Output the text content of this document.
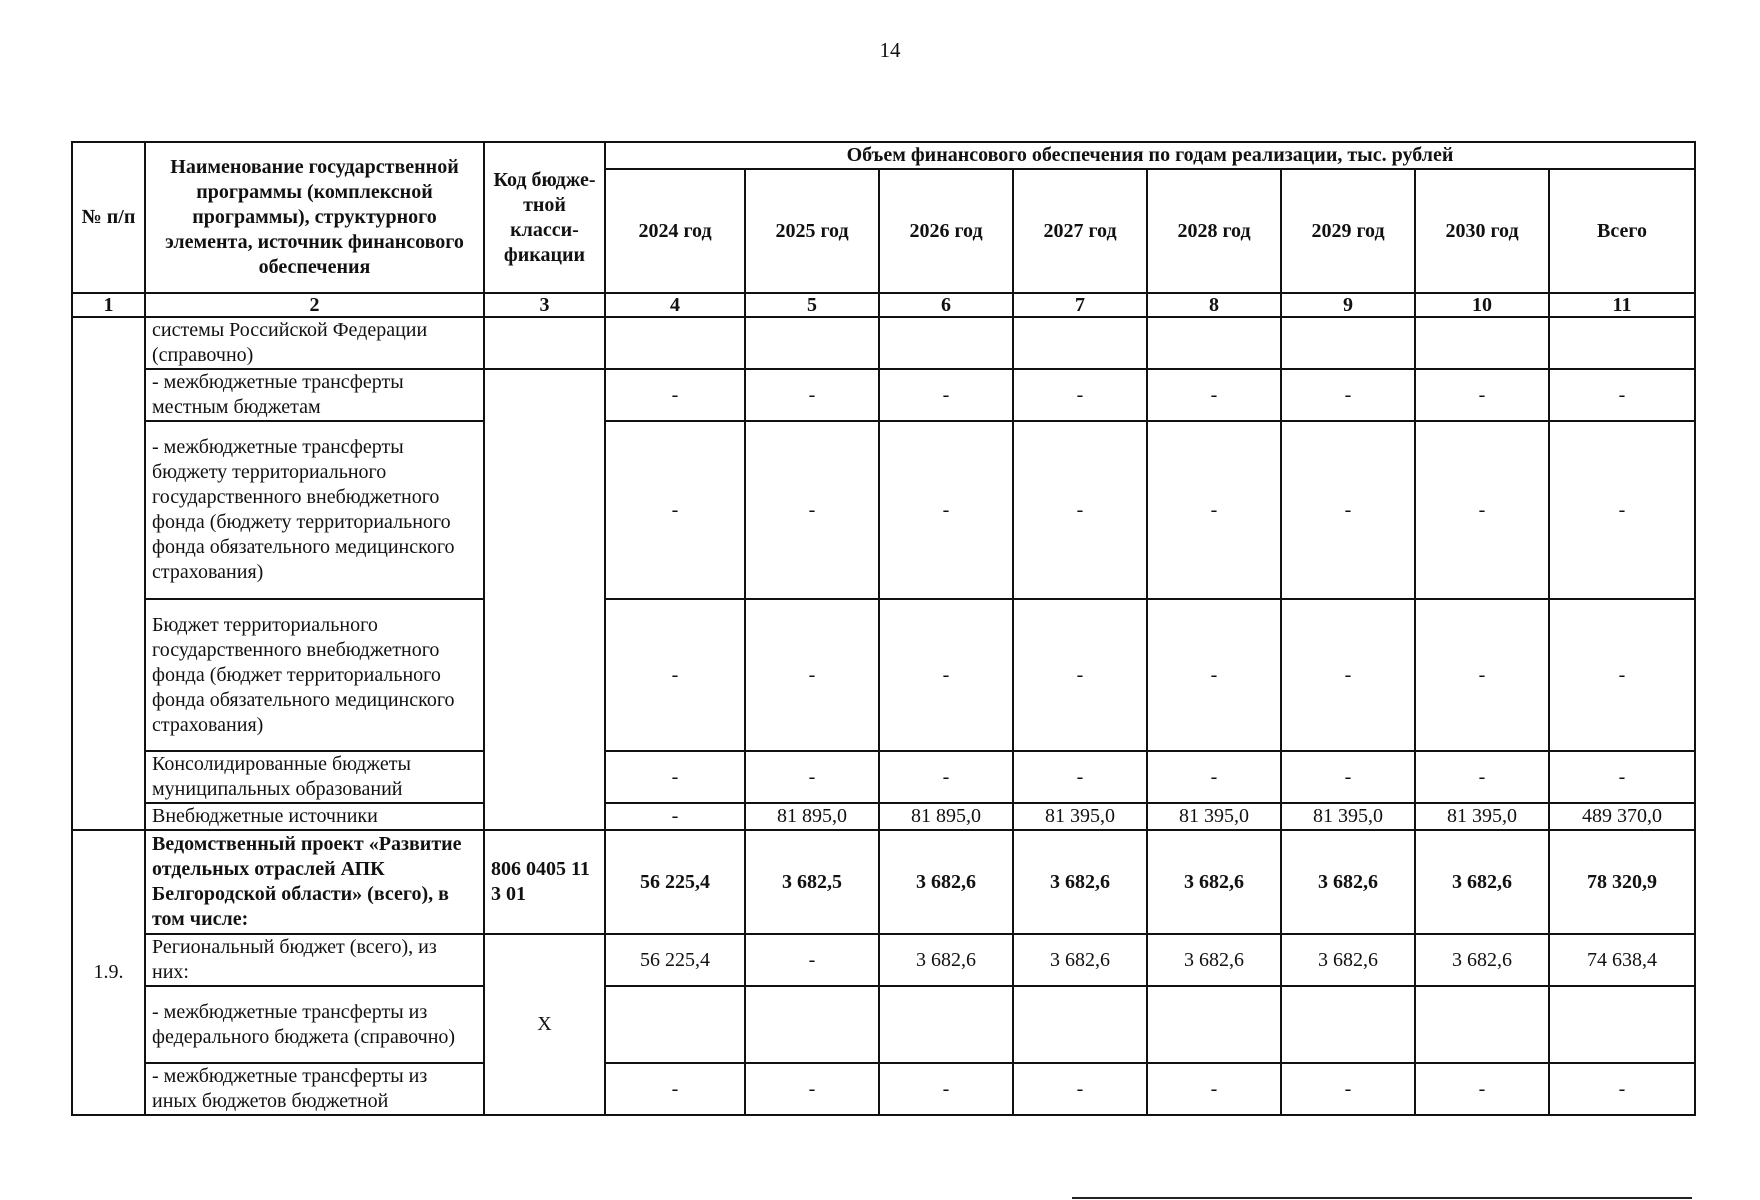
14
№ п/п	Наименование государственной программы (комплексной программы), структурного элемента, источник финансового обеспечения	Код бюдже-тной класси-фикации	Объем финансового обеспечения по годам реализации, тыс. рублей							
			2024 год	2025 год	2026 год	2027 год	2028 год	2029 год	2030 год	Всего
1	2	3	4	5	6	7	8	9	10	11
	системы Российской Федерации (справочно)									
	- межбюджетные трансферты местным бюджетам		-	-	-	-	-	-	-	-
	- межбюджетные трансферты бюджету территориального государственного внебюджетного фонда (бюджету территориального фонда обязательного медицинского страхования)		-	-	-	-	-	-	-	-
	Бюджет территориального государственного внебюджетного фонда (бюджет территориального фонда обязательного медицинского страхования)		-	-	-	-	-	-	-	-
	Консолидированные бюджеты муниципальных образований		-	-	-	-	-	-	-	-
	Внебюджетные источники		-	81 895,0	81 895,0	81 395,0	81 395,0	81 395,0	81 395,0	489 370,0
1.9.	Ведомственный проект «Развитие отдельных отраслей АПК Белгородской области» (всего), в том числе:	806 0405 11 3 01	56 225,4	3 682,5	3 682,6	3 682,6	3 682,6	3 682,6	3 682,6	78 320,9
	Региональный бюджет (всего), из них:	X	56 225,4	-	3 682,6	3 682,6	3 682,6	3 682,6	3 682,6	74 638,4
	- межбюджетные трансферты из федерального бюджета (справочно)									
	- межбюджетные трансферты из иных бюджетов бюджетной		-	-	-	-	-	-	-	-
